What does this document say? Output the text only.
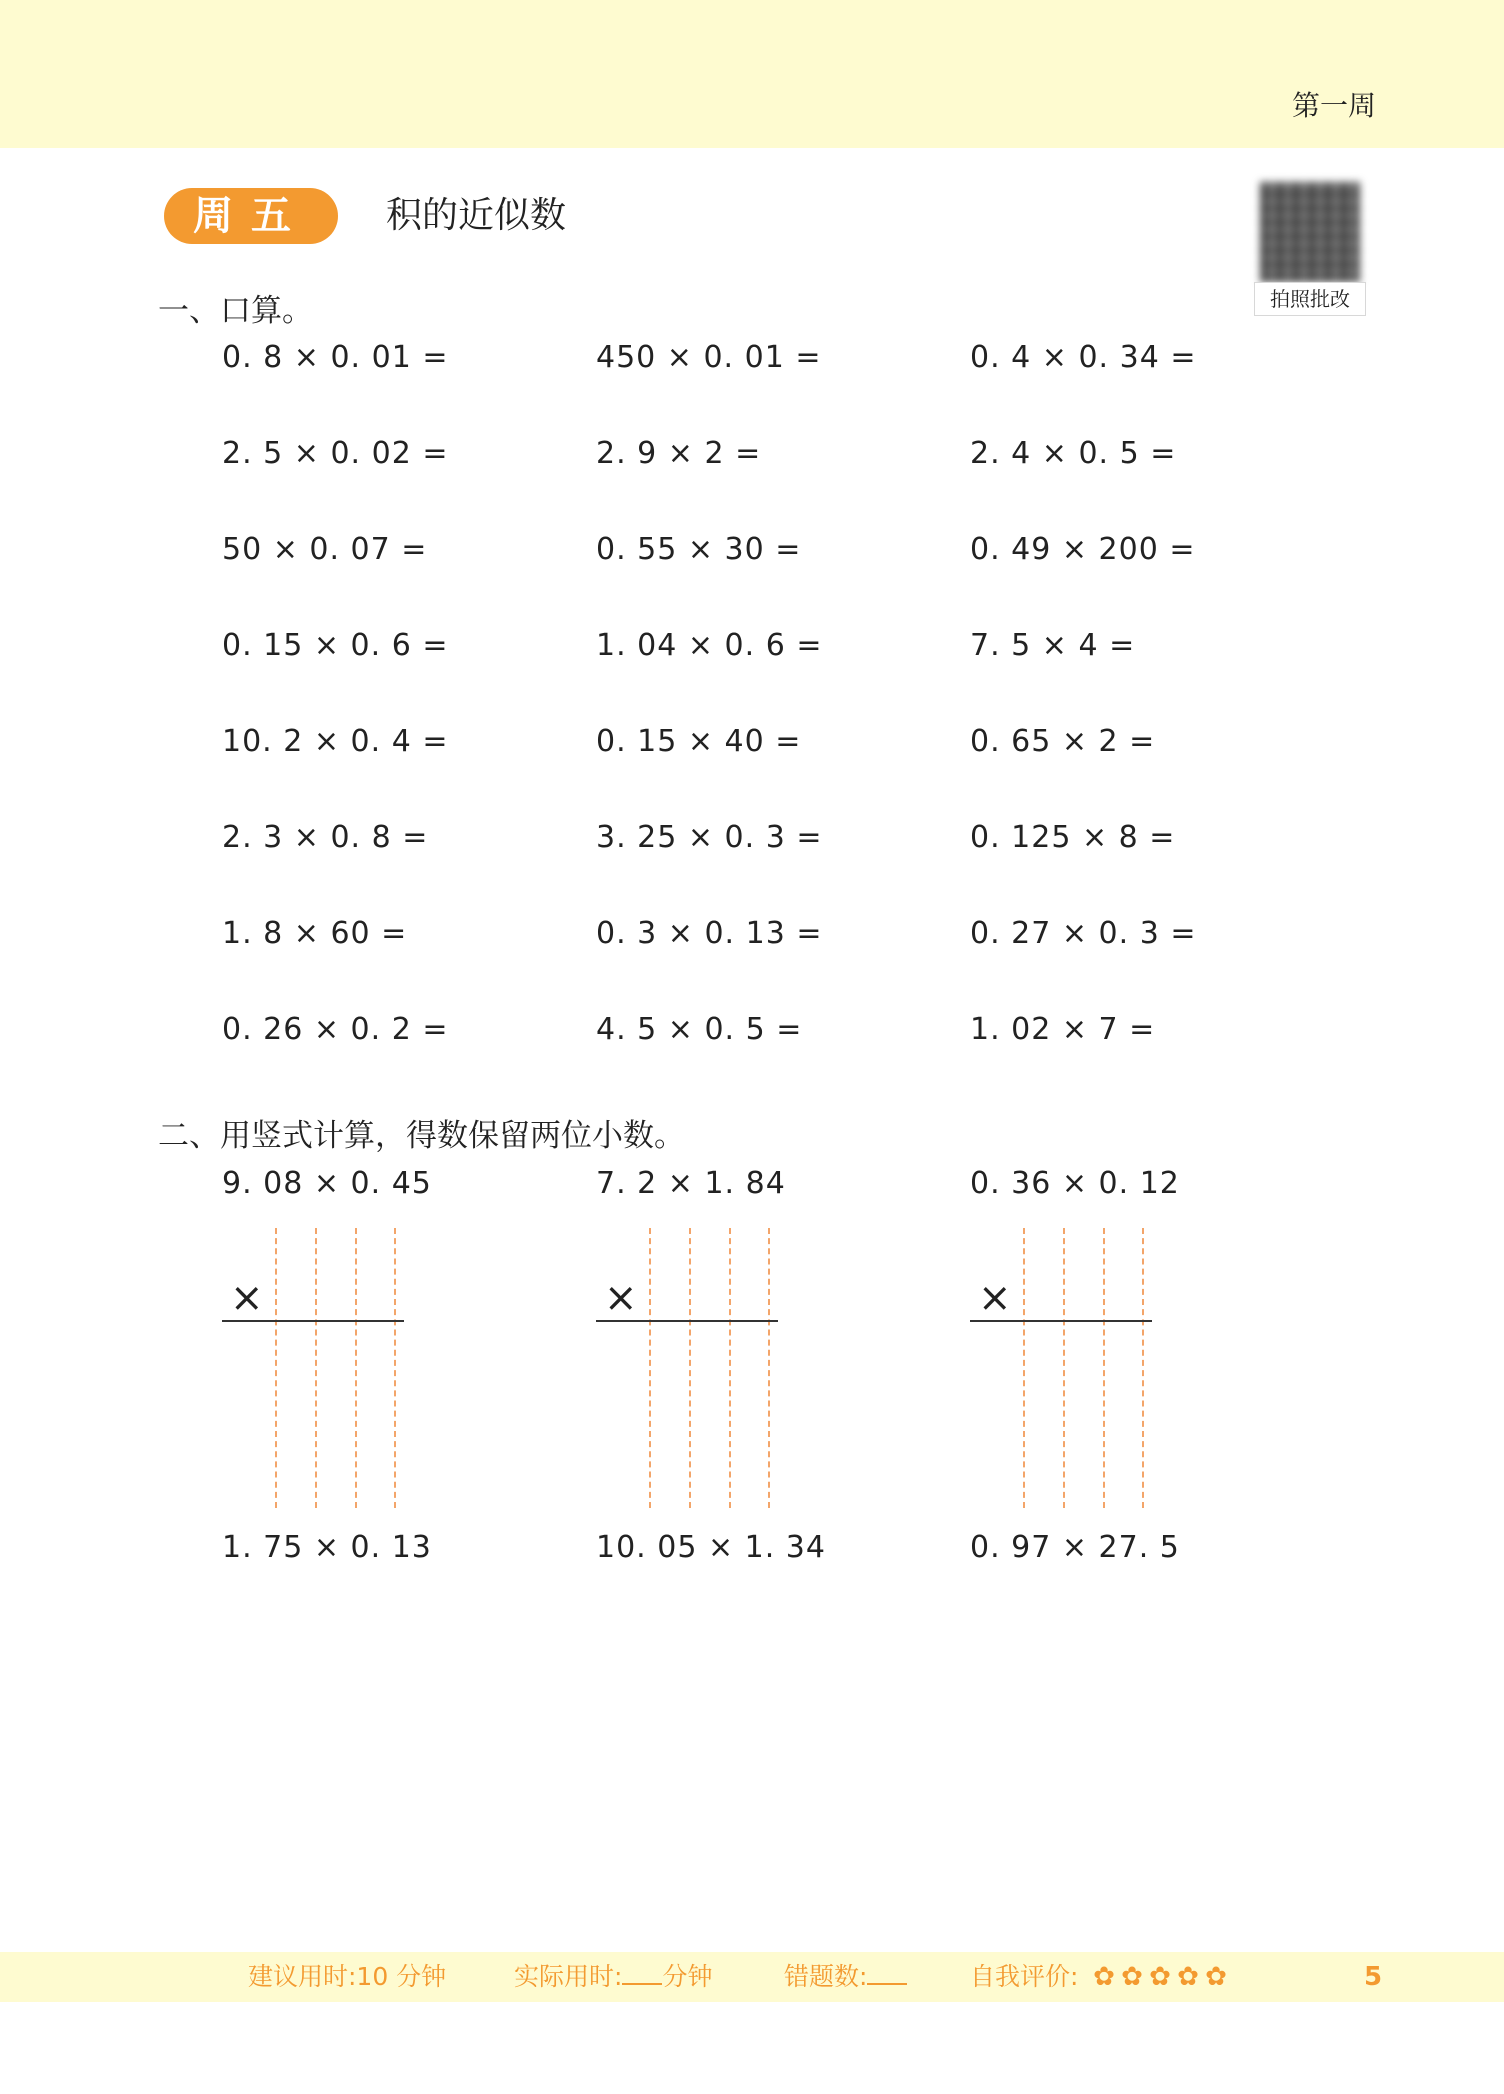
第一周
周五	积的近似数
拍照批改
一、口算。
0. 8 × 0. 01 =	450 × 0. 01 =	0. 4 × 0. 34 =
2. 5 × 0. 02 =	2. 9 × 2 =	2. 4 × 0. 5 =
50 × 0. 07 =	0. 55 × 30 =	0. 49 × 200 =
0. 15 × 0. 6 =	1. 04 × 0. 6 =	7. 5 × 4 =
10. 2 × 0. 4 =	0. 15 × 40 =	0. 65 × 2 =
2. 3 × 0. 8 =	3. 25 × 0. 3 =	0. 125 × 8 =
1. 8 × 60 =	0. 3 × 0. 13 =	0. 27 × 0. 3 =
0. 26 × 0. 2 =	4. 5 × 0. 5 =	1. 02 × 7 =
二、用竖式计算，得数保留两位小数。
9. 08 × 0. 45	7. 2 × 1. 84	0. 36 × 0. 12
×	×	×
1. 75 × 0. 13	10. 05 × 1. 34	0. 97 × 27. 5
建议用时:10 分钟	实际用时: 分钟	错题数:	自我评价: ✿ ✿ ✿ ✿ ✿	5
